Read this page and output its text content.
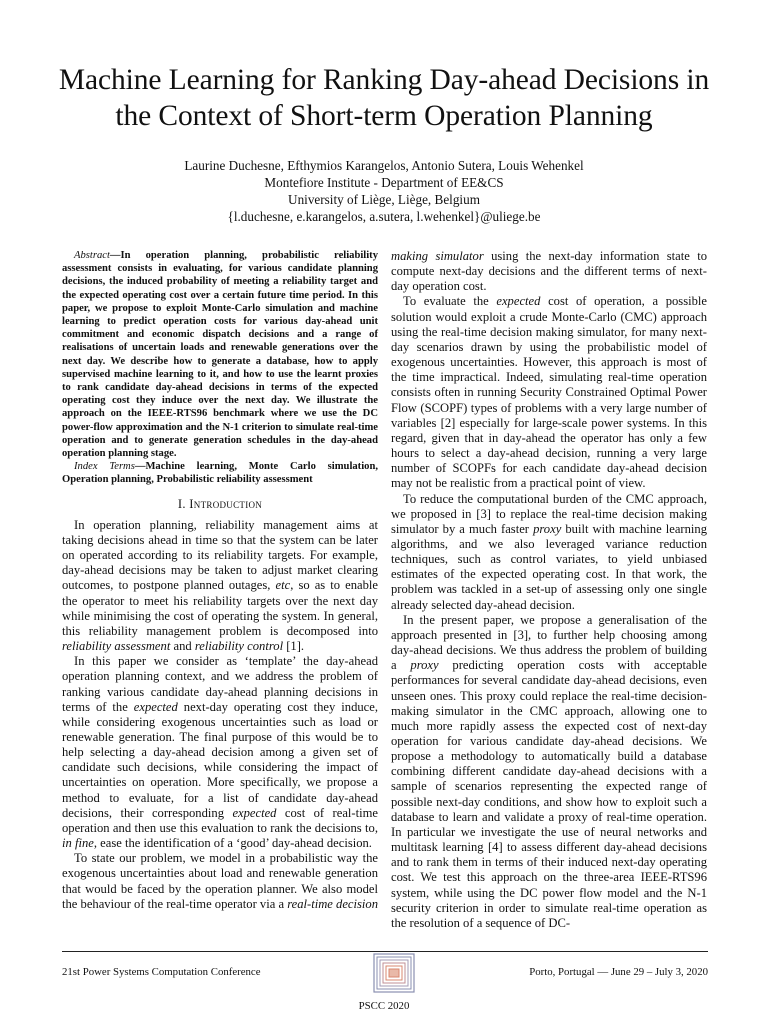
Machine Learning for Ranking Day-ahead Decisions in the Context of Short-term Operation Planning
Laurine Duchesne, Efthymios Karangelos, Antonio Sutera, Louis Wehenkel
Montefiore Institute - Department of EE&CS
University of Liège, Liège, Belgium
{l.duchesne, e.karangelos, a.sutera, l.wehenkel}@uliege.be

Abstract—In operation planning, probabilistic reliability assessment consists in evaluating, for various candidate planning decisions, the induced probability of meeting a reliability target and the expected operating cost over a certain future time period. In this paper, we propose to exploit Monte-Carlo simulation and machine learning to predict operation costs for various day-ahead unit commitment and economic dispatch decisions and a range of realisations of uncertain loads and renewable generations over the next day. We describe how to generate a database, how to apply supervised machine learning to it, and how to use the learnt proxies to rank candidate day-ahead decisions in terms of the expected operating cost they induce over the next day. We illustrate the approach on the IEEE-RTS96 benchmark where we use the DC power-flow approximation and the N-1 criterion to simulate real-time operation and to generate generation schedules in the day-ahead operation planning stage.

Index Terms—Machine learning, Monte Carlo simulation, Operation planning, Probabilistic reliability assessment

I. Introduction

In operation planning, reliability management aims at taking decisions ahead in time so that the system can be later on operated according to its reliability targets. For example, day-ahead decisions may be taken to adjust market clearing outcomes, to postpone planned outages, etc, so as to enable the operator to meet his reliability targets over the next day while minimising the cost of operating the system. In general, this reliability management problem is decomposed into reliability assessment and reliability control [1].

In this paper we consider as ‘template’ the day-ahead operation planning context, and we address the problem of ranking various candidate day-ahead planning decisions in terms of the expected next-day operating cost they induce, while considering exogenous uncertainties such as load or renewable generation. The final purpose of this would be to help selecting a day-ahead decision among a given set of candidate such decisions, while considering the impact of uncertainties on operation. More specifically, we propose a method to evaluate, for a list of candidate day-ahead decisions, their corresponding expected cost of real-time operation and then use this evaluation to rank the decisions to, in fine, ease the identification of a ‘good’ day-ahead decision.

To state our problem, we model in a probabilistic way the exogenous uncertainties about load and renewable generation that would be faced by the operation planner. We also model the behaviour of the real-time operator via a real-time decision

making simulator using the next-day information state to compute next-day decisions and the different terms of next-day operation cost.

To evaluate the expected cost of operation, a possible solution would exploit a crude Monte-Carlo (CMC) approach using the real-time decision making simulator, for many next-day scenarios drawn by using the probabilistic model of exogenous uncertainties. However, this approach is most of the time impractical. Indeed, simulating real-time operation consists often in running Security Constrained Optimal Power Flow (SCOPF) types of problems with a very large number of variables [2] especially for large-scale power systems. In this regard, given that in day-ahead the operator has only a few hours to select a day-ahead decision, running a very large number of SCOPFs for each candidate day-ahead decision may not be realistic from a practical point of view.

To reduce the computational burden of the CMC approach, we proposed in [3] to replace the real-time decision making simulator by a much faster proxy built with machine learning algorithms, and we also leveraged variance reduction techniques, such as control variates, to yield unbiased estimates of the expected operating cost. In that work, the problem was tackled in a set-up of assessing only one single already selected day-ahead decision.

In the present paper, we propose a generalisation of the approach presented in [3], to further help choosing among day-ahead decisions. We thus address the problem of building a proxy predicting operation costs with acceptable performances for several candidate day-ahead decisions, even unseen ones. This proxy could replace the real-time decision-making simulator in the CMC approach, allowing one to much more rapidly assess the expected cost of next-day operation for various candidate day-ahead decisions. We propose a methodology to automatically build a database combining different candidate day-ahead decisions with a sample of scenarios representing the expected range of possible next-day conditions, and show how to exploit such a database to learn and validate a proxy of real-time operation. In particular we investigate the use of neural networks and multitask learning [4] to assess different day-ahead decisions and to rank them in terms of their induced next-day operating cost. We test this approach on the three-area IEEE-RTS96 system, while using the DC power flow model and the N-1 security criterion in order to simulate real-time operation as the resolution of a sequence of DC-

21st Power Systems Computation Conference	Porto, Portugal — June 29 – July 3, 2020
PSCC 2020
